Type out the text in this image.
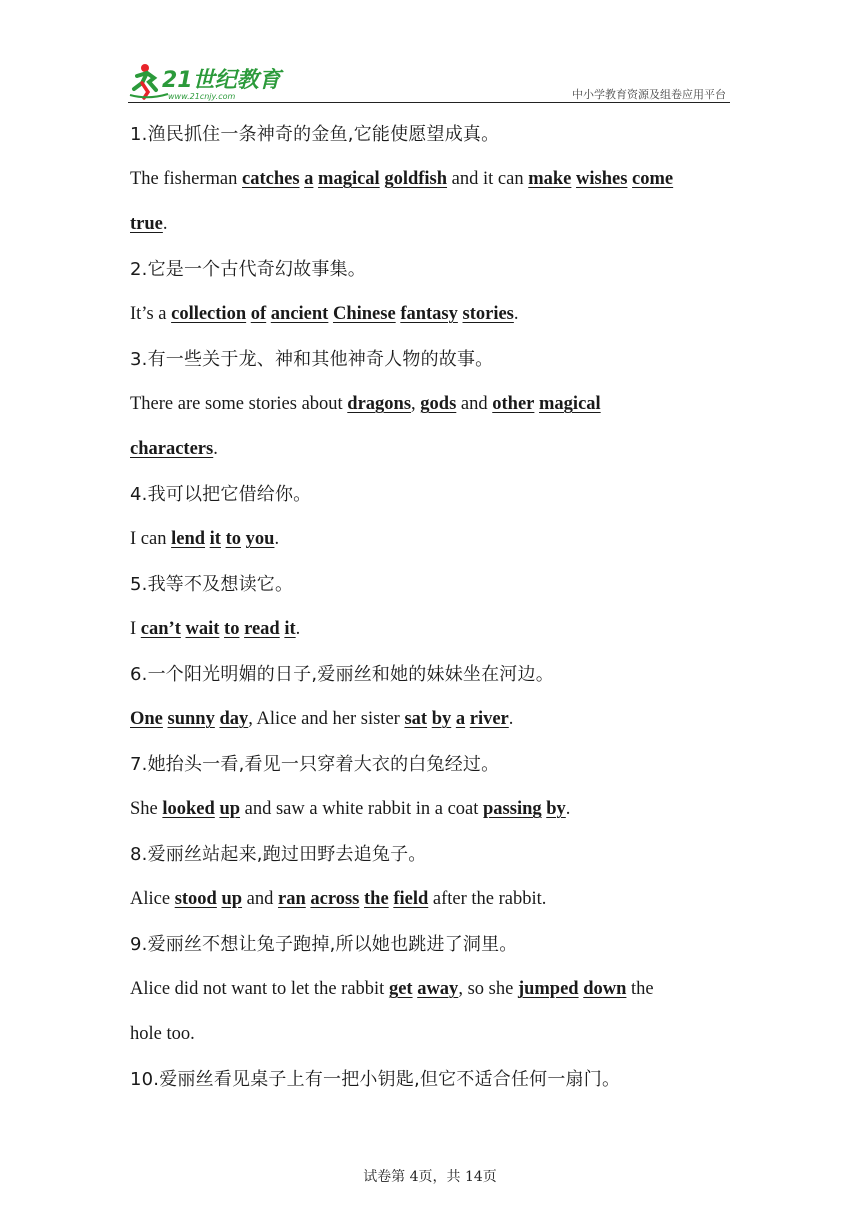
21世纪教育
www.21cnjy.com	中小学教育资源及组卷应用平台
1.渔民抓住一条神奇的金鱼,它能使愿望成真。
The fisherman catches a magical goldfish and it can make wishes come
true.
2.它是一个古代奇幻故事集。
It’s a collection of ancient Chinese fantasy stories.
3.有一些关于龙、神和其他神奇人物的故事。
There are some stories about dragons, gods and other magical
characters.
4.我可以把它借给你。
I can lend it to you.
5.我等不及想读它。
I can’t wait to read it.
6.一个阳光明媚的日子,爱丽丝和她的妹妹坐在河边。
One sunny day, Alice and her sister sat by a river.
7.她抬头一看,看见一只穿着大衣的白兔经过。
She looked up and saw a white rabbit in a coat passing by.
8.爱丽丝站起来,跑过田野去追兔子。
Alice stood up and ran across the field after the rabbit.
9.爱丽丝不想让兔子跑掉,所以她也跳进了洞里。
Alice did not want to let the rabbit get away, so she jumped down the
hole too.
10.爱丽丝看见桌子上有一把小钥匙,但它不适合任何一扇门。
试卷第 4页，共 14页
